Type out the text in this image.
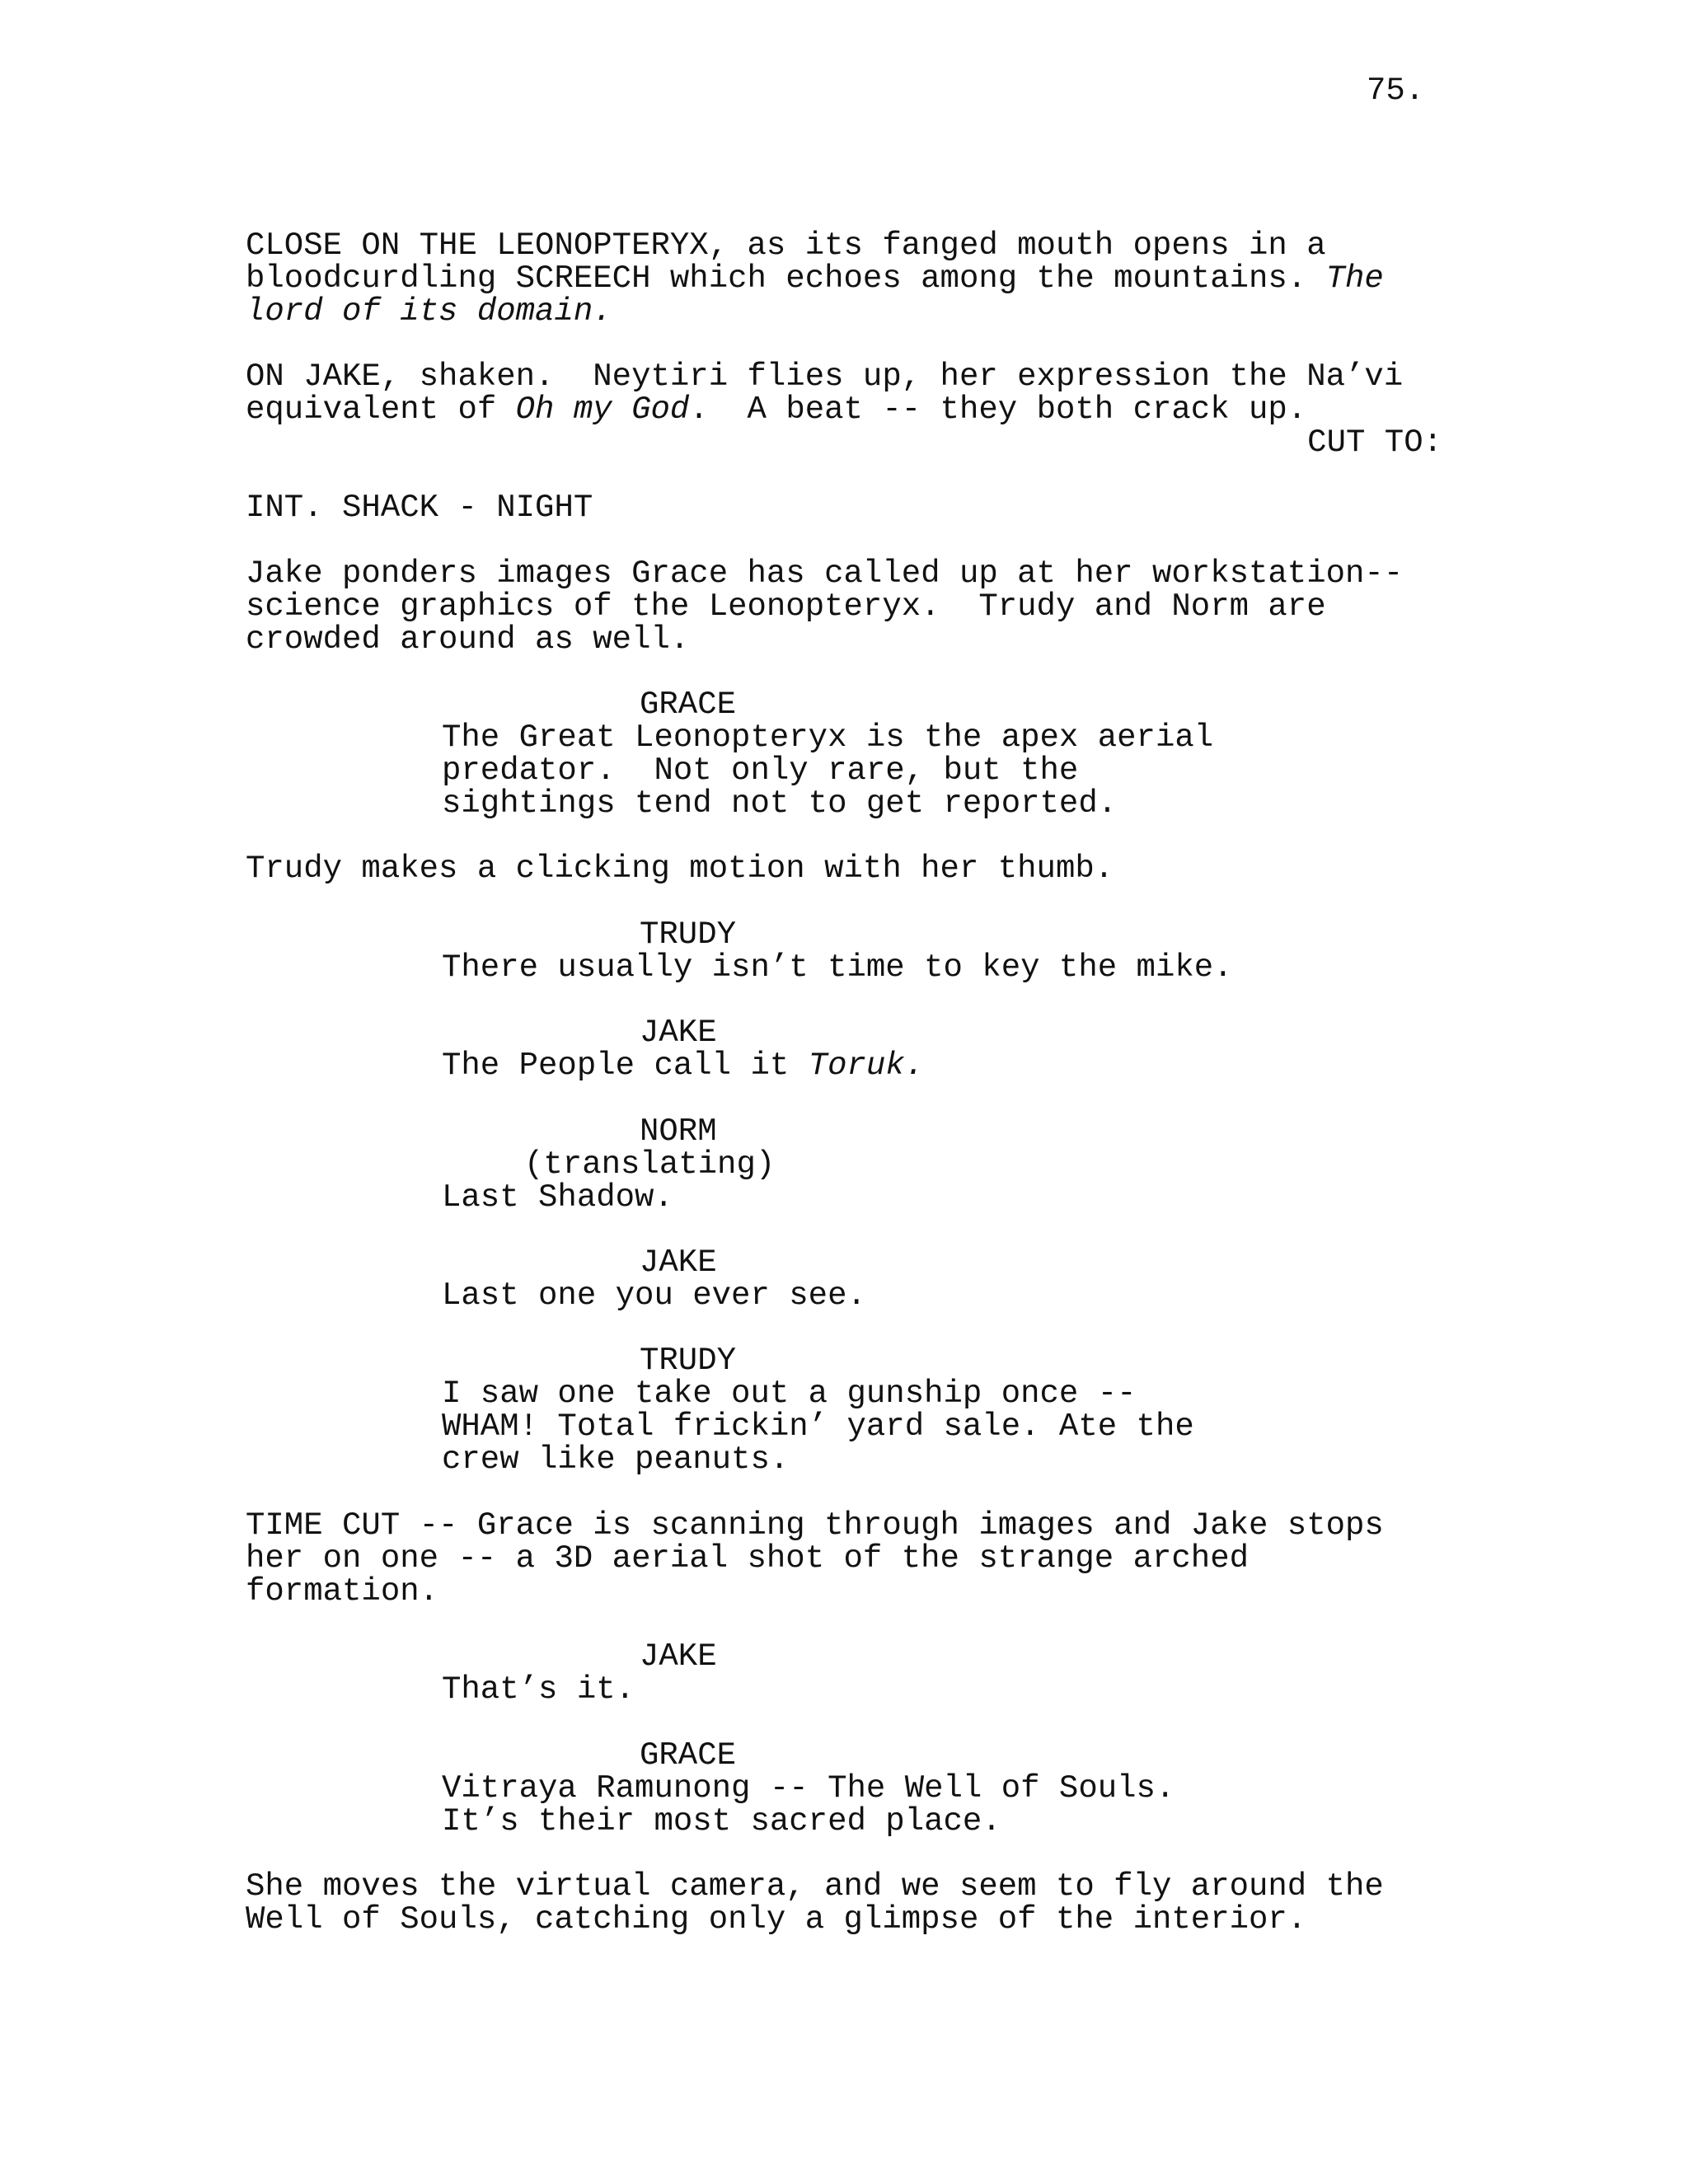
75.
CLOSE ON THE LEONOPTERYX, as its fanged mouth opens in a
bloodcurdling SCREECH which echoes among the mountains. The
lord of its domain.
ON JAKE, shaken.  Neytiri flies up, her expression the Na’vi
equivalent of Oh my God.  A beat -- they both crack up.
CUT TO:
INT. SHACK - NIGHT
Jake ponders images Grace has called up at her workstation--
science graphics of the Leonopteryx.  Trudy and Norm are
crowded around as well.
GRACE
The Great Leonopteryx is the apex aerial
predator.  Not only rare, but the
sightings tend not to get reported.
Trudy makes a clicking motion with her thumb.
TRUDY
There usually isn’t time to key the mike.
JAKE
The People call it Toruk.
NORM
(translating)
Last Shadow.
JAKE
Last one you ever see.
TRUDY
I saw one take out a gunship once --
WHAM! Total frickin’ yard sale. Ate the
crew like peanuts.
TIME CUT -- Grace is scanning through images and Jake stops
her on one -- a 3D aerial shot of the strange arched
formation.
JAKE
That’s it.
GRACE
Vitraya Ramunong -- The Well of Souls.
It’s their most sacred place.
She moves the virtual camera, and we seem to fly around the
Well of Souls, catching only a glimpse of the interior.
